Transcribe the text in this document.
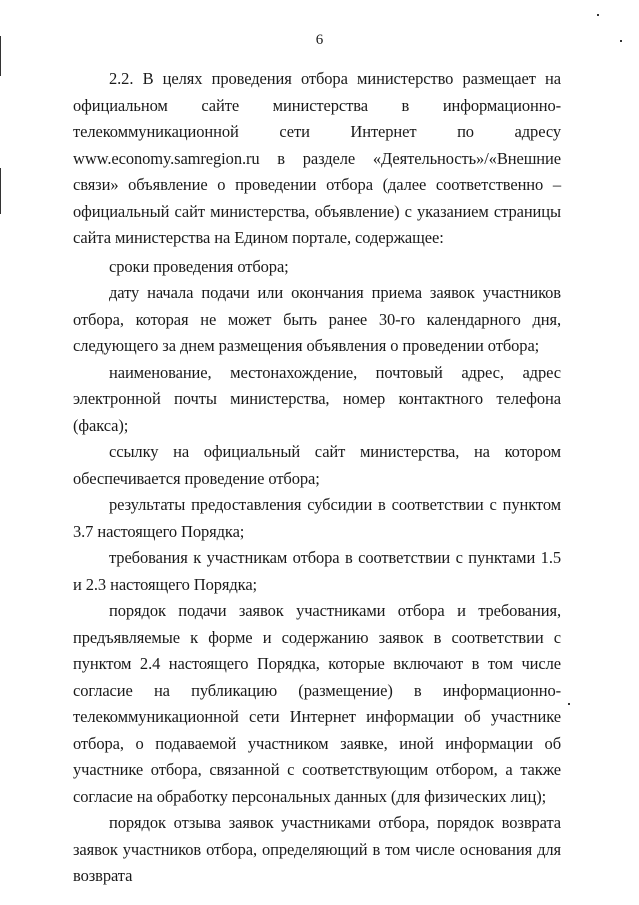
6

2.2. В целях проведения отбора министерство размещает на официальном сайте министерства в информационно-телекоммуникационной сети Интернет по адресу www.economy.samregion.ru в разделе «Деятельность»/«Внешние связи» объявление о проведении отбора (далее соответственно – официальный сайт министерства, объявление) с указанием страницы сайта министерства на Едином портале, содержащее:

сроки проведения отбора;

дату начала подачи или окончания приема заявок участников отбора, которая не может быть ранее 30-го календарного дня, следующего за днем размещения объявления о проведении отбора;

наименование, местонахождение, почтовый адрес, адрес электронной почты министерства, номер контактного телефона (факса);

ссылку на официальный сайт министерства, на котором обеспечивается проведение отбора;

результаты предоставления субсидии в соответствии с пунктом 3.7 настоящего Порядка;

требования к участникам отбора в соответствии с пунктами 1.5 и 2.3 настоящего Порядка;

порядок подачи заявок участниками отбора и требования, предъявляемые к форме и содержанию заявок в соответствии с пунктом 2.4 настоящего Порядка, которые включают в том числе согласие на публикацию (размещение) в информационно-телекоммуникационной сети Интернет информации об участнике отбора, о подаваемой участником заявке, иной информации об участнике отбора, связанной с соответствующим отбором, а также согласие на обработку персональных данных (для физических лиц);

порядок отзыва заявок участниками отбора, порядок возврата заявок участников отбора, определяющий в том числе основания для возврата
